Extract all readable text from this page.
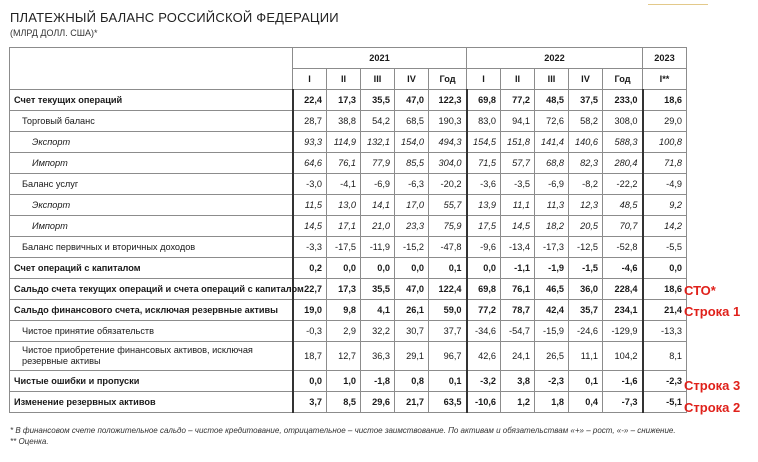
ПЛАТЕЖНЫЙ БАЛАНС РОССИЙСКОЙ ФЕДЕРАЦИИ
(МЛРД ДОЛЛ. США)*
	2021					2022					2023
	I	II	III	IV	Год	I	II	III	IV	Год	I**
Счет текущих операций	22,4	17,3	35,5	47,0	122,3	69,8	77,2	48,5	37,5	233,0	18,6
Торговый баланс	28,7	38,8	54,2	68,5	190,3	83,0	94,1	72,6	58,2	308,0	29,0
Экспорт	93,3	114,9	132,1	154,0	494,3	154,5	151,8	141,4	140,6	588,3	100,8
Импорт	64,6	76,1	77,9	85,5	304,0	71,5	57,7	68,8	82,3	280,4	71,8
Баланс услуг	-3,0	-4,1	-6,9	-6,3	-20,2	-3,6	-3,5	-6,9	-8,2	-22,2	-4,9
Экспорт	11,5	13,0	14,1	17,0	55,7	13,9	11,1	11,3	12,3	48,5	9,2
Импорт	14,5	17,1	21,0	23,3	75,9	17,5	14,5	18,2	20,5	70,7	14,2
Баланс первичных и вторичных доходов	-3,3	-17,5	-11,9	-15,2	-47,8	-9,6	-13,4	-17,3	-12,5	-52,8	-5,5
Счет операций с капиталом	0,2	0,0	0,0	0,0	0,1	0,0	-1,1	-1,9	-1,5	-4,6	0,0
Сальдо счета текущих операций и счета операций с капиталом	22,7	17,3	35,5	47,0	122,4	69,8	76,1	46,5	36,0	228,4	18,6
Сальдо финансового счета, исключая резервные активы	19,0	9,8	4,1	26,1	59,0	77,2	78,7	42,4	35,7	234,1	21,4
Чистое принятие обязательств	-0,3	2,9	32,2	30,7	37,7	-34,6	-54,7	-15,9	-24,6	-129,9	-13,3
Чистое приобретение финансовых активов, исключая резервные активы	18,7	12,7	36,3	29,1	96,7	42,6	24,1	26,5	11,1	104,2	8,1
Чистые ошибки и пропуски	0,0	1,0	-1,8	0,8	0,1	-3,2	3,8	-2,3	0,1	-1,6	-2,3
Изменение резервных активов	3,7	8,5	29,6	21,7	63,5	-10,6	1,2	1,8	0,4	-7,3	-5,1
СТО*
Строка 1
Строка 3
Строка 2
* В финансовом счете положительное сальдо – чистое кредитование, отрицательное – чистое заимствование. По активам и обязательствам «+» – рост, «-» – снижение.
** Оценка.
